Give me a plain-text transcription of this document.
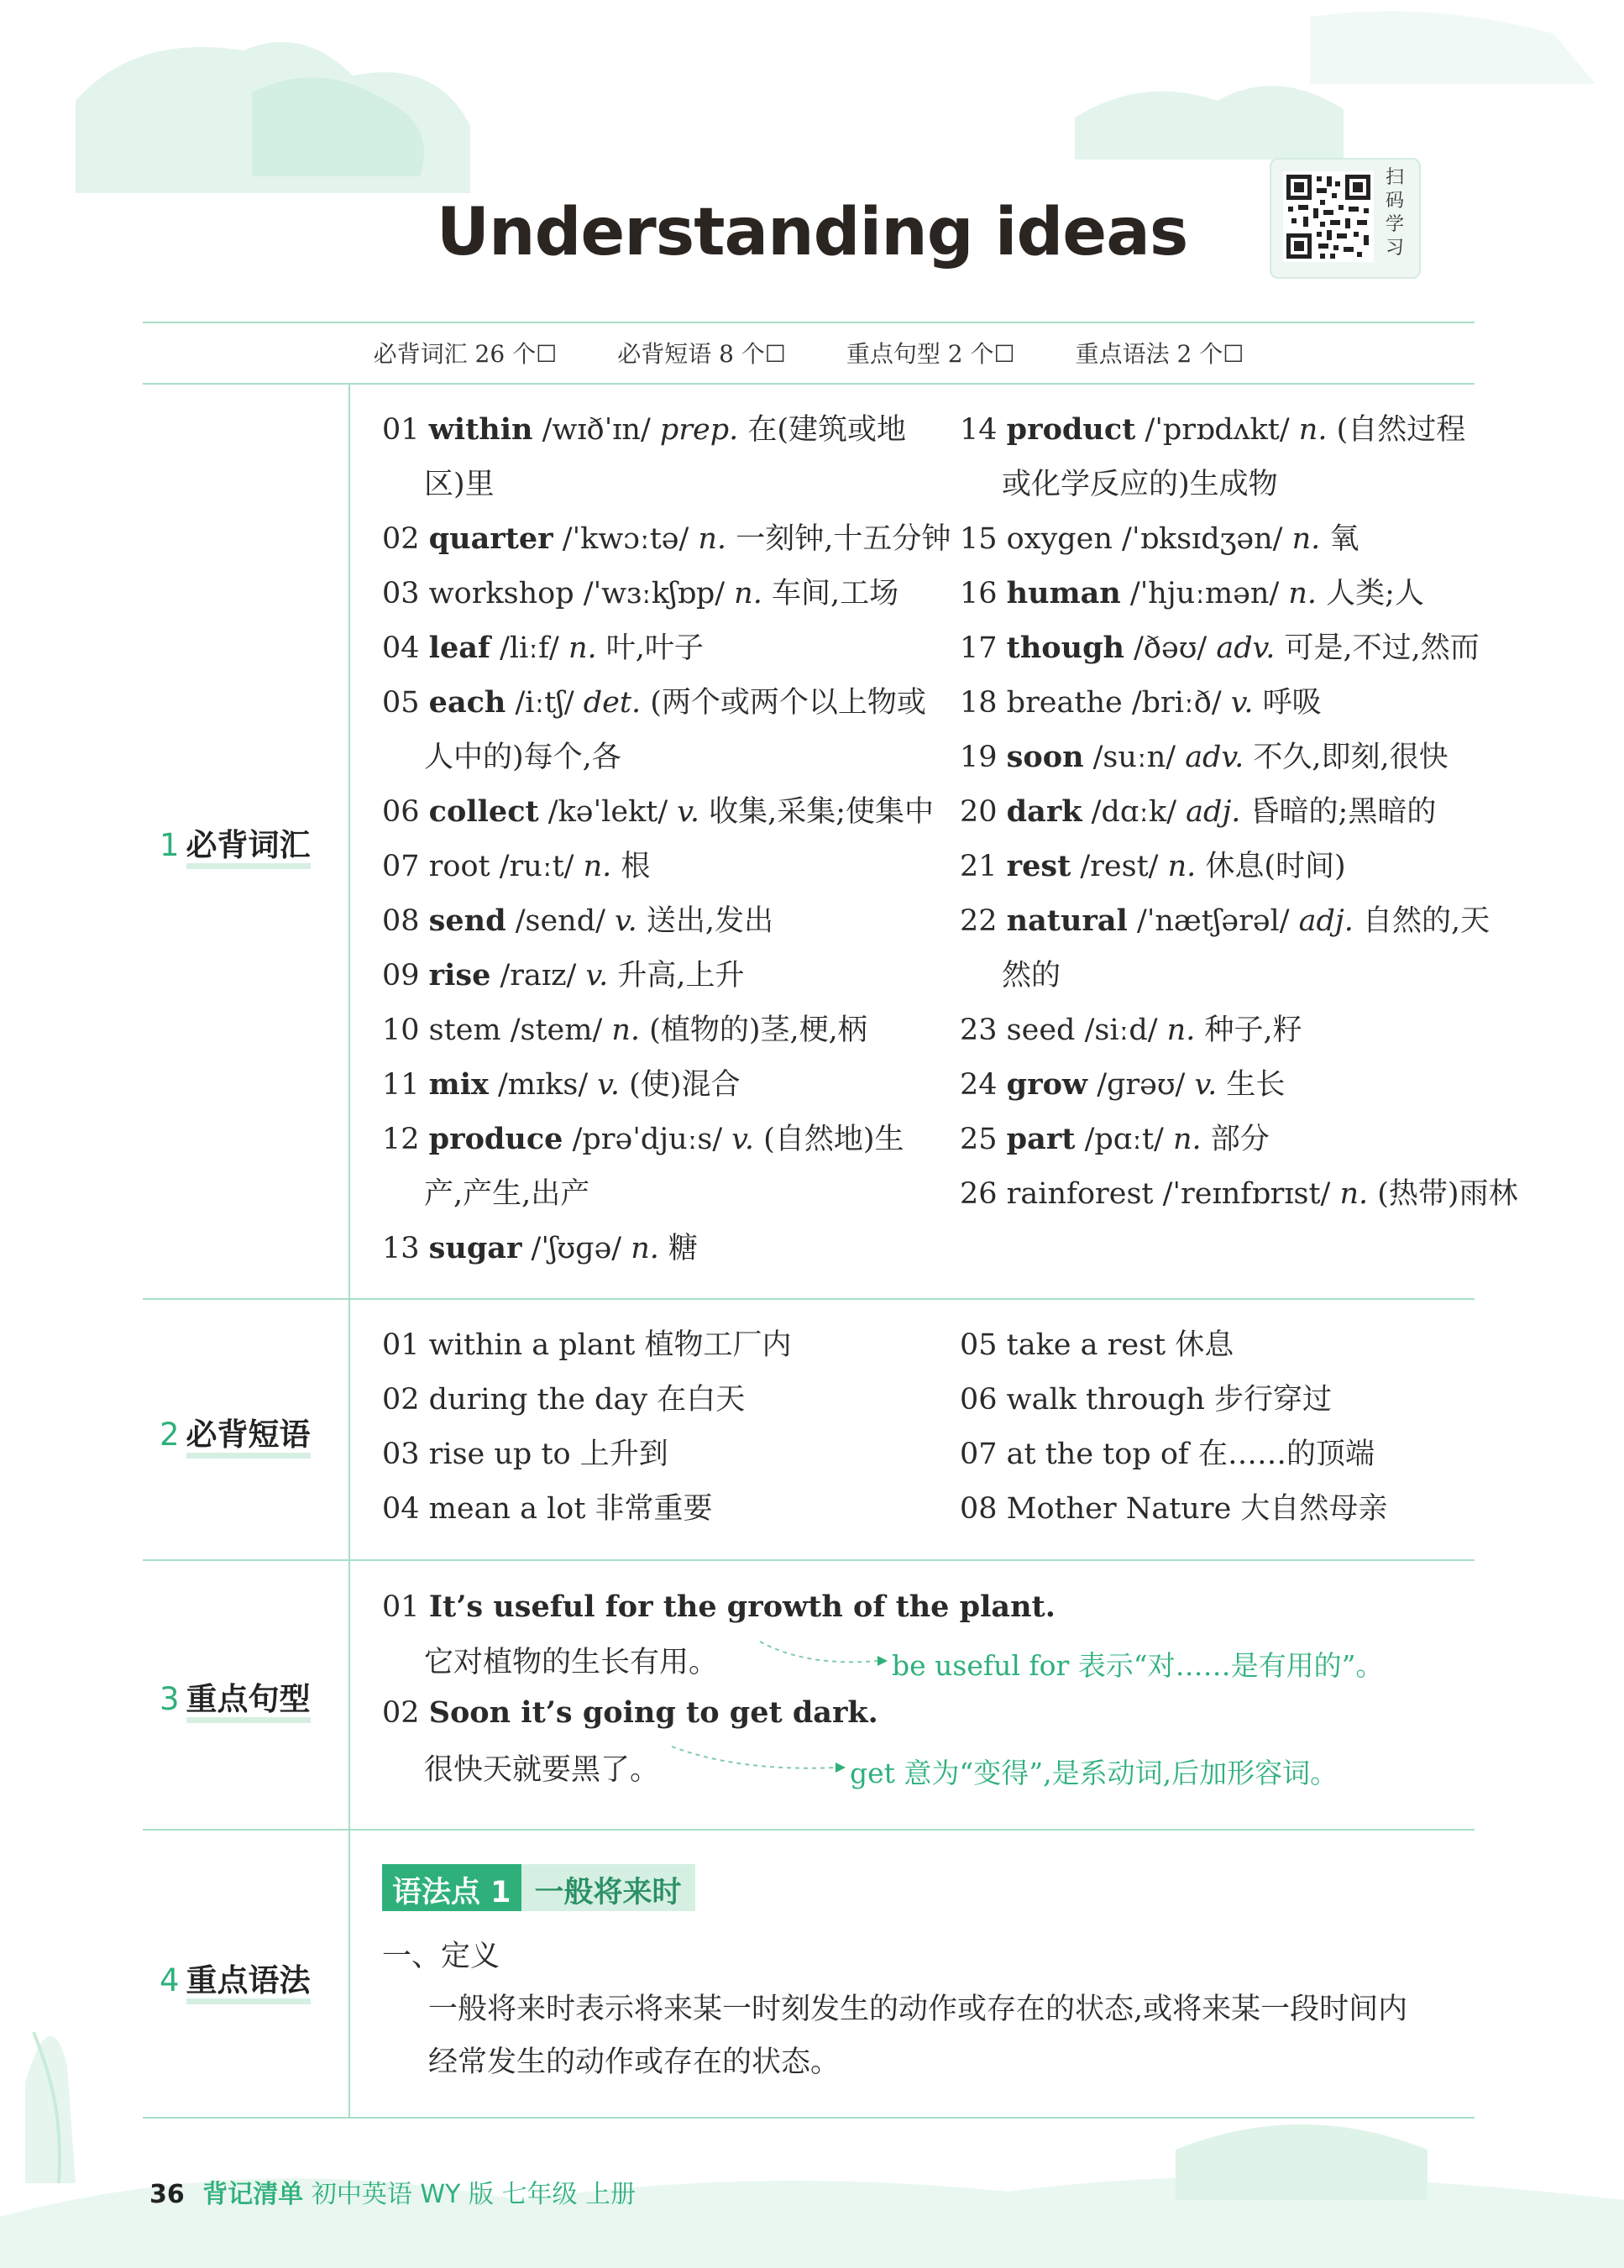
Understanding ideas
扫码学习
必背词汇 26 个☐	必背短语 8 个☐	重点句型 2 个☐	重点语法 2 个☐
1 必背词汇
2 必背短语
3 重点句型
4 重点语法
01 within /wɪðˈɪn/ prep. 在(建筑或地
区)里
02 quarter /ˈkwɔːtə/ n. 一刻钟,十五分钟
03 workshop /ˈwɜːkʃɒp/ n. 车间,工场
04 leaf /liːf/ n. 叶,叶子
05 each /iːtʃ/ det. (两个或两个以上物或
人中的)每个,各
06 collect /kəˈlekt/ v. 收集,采集;使集中
07 root /ruːt/ n. 根
08 send /send/ v. 送出,发出
09 rise /raɪz/ v. 升高,上升
10 stem /stem/ n. (植物的)茎,梗,柄
11 mix /mɪks/ v. (使)混合
12 produce /prəˈdjuːs/ v. (自然地)生
产,产生,出产
13 sugar /ˈʃʊɡə/ n. 糖
14 product /ˈprɒdʌkt/ n. (自然过程
或化学反应的)生成物
15 oxygen /ˈɒksɪdʒən/ n. 氧
16 human /ˈhjuːmən/ n. 人类;人
17 though /ðəʊ/ adv. 可是,不过,然而
18 breathe /briːð/ v. 呼吸
19 soon /suːn/ adv. 不久,即刻,很快
20 dark /dɑːk/ adj. 昏暗的;黑暗的
21 rest /rest/ n. 休息(时间)
22 natural /ˈnætʃərəl/ adj. 自然的,天
然的
23 seed /siːd/ n. 种子,籽
24 grow /ɡrəʊ/ v. 生长
25 part /pɑːt/ n. 部分
26 rainforest /ˈreɪnfɒrɪst/ n. (热带)雨林
01 within a plant 植物工厂内
02 during the day 在白天
03 rise up to 上升到
04 mean a lot 非常重要
05 take a rest 休息
06 walk through 步行穿过
07 at the top of 在……的顶端
08 Mother Nature 大自然母亲
01 It’s useful for the growth of the plant.
它对植物的生长有用。	be useful for 表示“对……是有用的”。
02 Soon it’s going to get dark.
很快天就要黑了。	get 意为“变得”,是系动词,后加形容词。
语法点 1 一般将来时
一、定义
一般将来时表示将来某一时刻发生的动作或存在的状态,或将来某一段时间内
经常发生的动作或存在的状态。
36 背记清单 初中英语 WY 版 七年级 上册
